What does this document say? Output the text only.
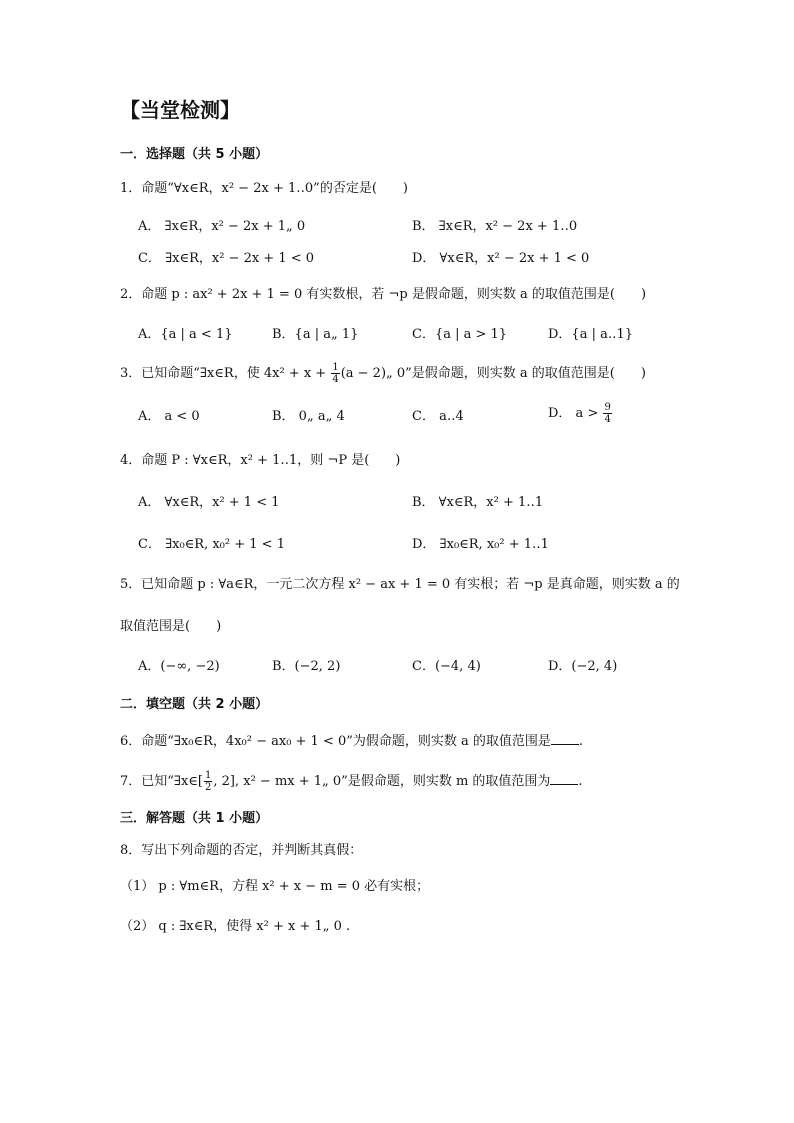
【当堂检测】
一．选择题（共 5 小题）
1．命题“∀x∈R，x² − 2x + 1‥0”的否定是(　　)
A． ∃x∈R，x² − 2x + 1„ 0	B． ∃x∈R，x² − 2x + 1‥0
C． ∃x∈R，x² − 2x + 1 < 0	D． ∀x∈R，x² − 2x + 1 < 0
2．命题 p : ax² + 2x + 1 = 0 有实数根，若 ¬p 是假命题，则实数 a 的取值范围是(　　)
A．{a | a < 1}	B．{a | a„ 1}	C．{a | a > 1}	D．{a | a‥1}
3．已知命题“∃x∈R，使 $4x^2 + x + \frac{1}{4} (a$ − 2)„ 0”是假命题，则实数 a 的取值范围是(　　)
A． a < 0	B． 0„ a„ 4	C． a‥4	D． $a > \frac{9}{4}$
4．命题 P : ∀x∈R，x² + 1‥1，则 ¬P 是(　　)
A． ∀x∈R，x² + 1 < 1	B． ∀x∈R，x² + 1‥1
C． ∃x₀∈R, x₀² + 1 < 1	D． ∃x₀∈R, x₀² + 1‥1
5．已知命题 p : ∀a∈R，一元二次方程 x² − ax + 1 = 0 有实根；若 ¬p 是真命题，则实数 a 的
取值范围是(　　)
A．(−∞, −2)	B．(−2, 2)	C．(−4, 4)	D．(−2, 4)
二．填空题（共 2 小题）
6．命题“∃x₀∈R，4x₀² − ax₀ + 1 < 0”为假命题，则实数 a 的取值范围是 .
7．已知“∃x∈[ $\frac{1}{2}$ , 2], x² − mx + 1„ 0”是假命题，则实数 m 的取值范围为 .
三．解答题（共 1 小题）
8．写出下列命题的否定，并判断其真假：
（1） p : ∀m∈R，方程 x² + x − m = 0 必有实根；
（2） q : ∃x∈R，使得 x² + x + 1„ 0 .
